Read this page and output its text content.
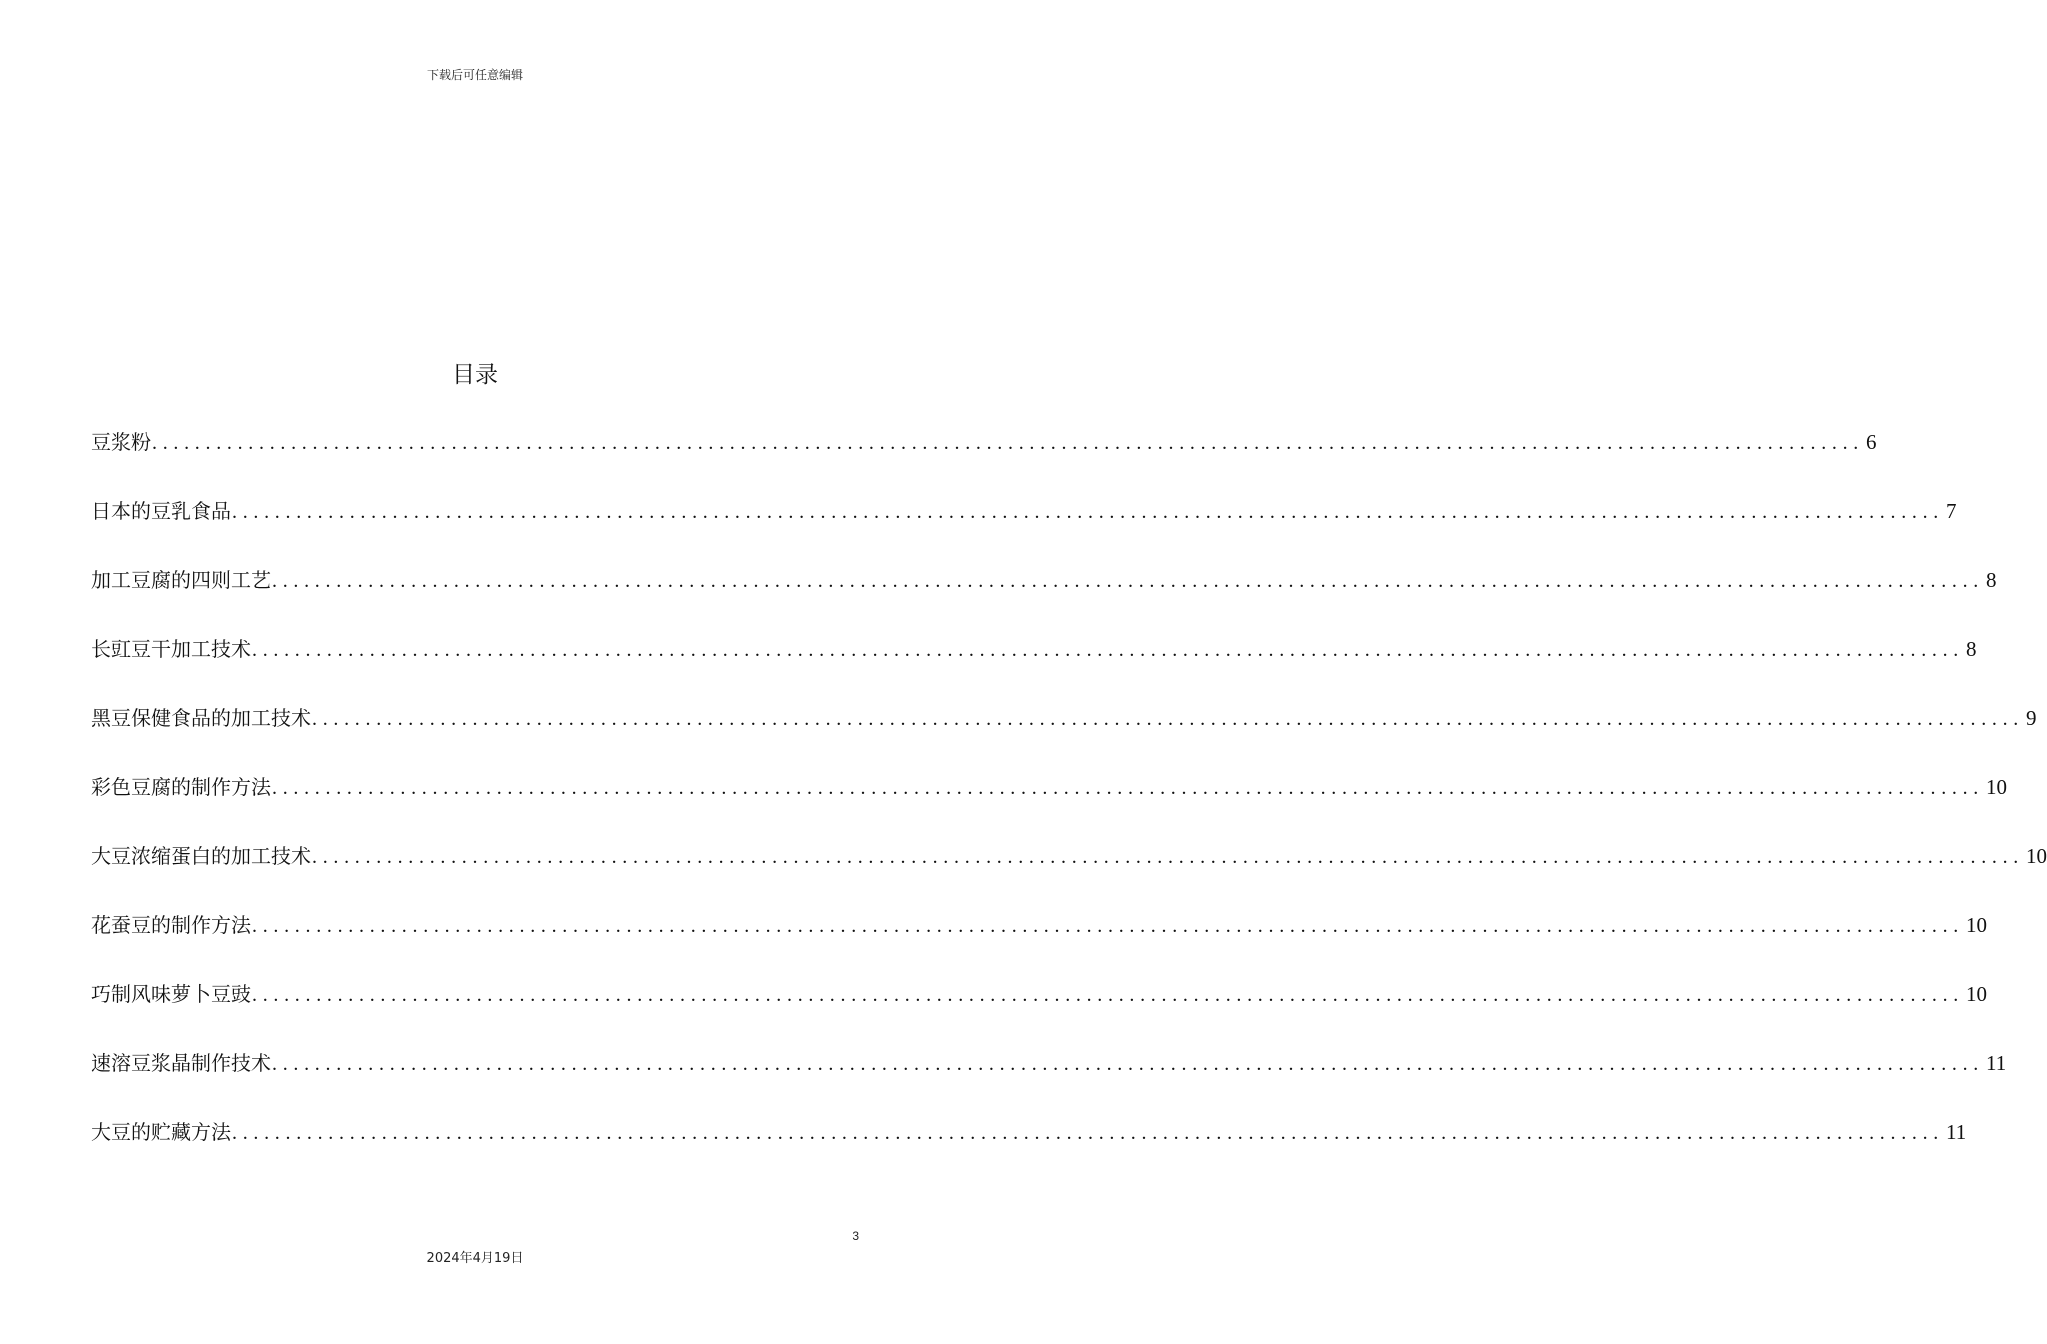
下载后可任意编辑
目录
豆浆粉 ................................................................................................................................................................ 6
日本的豆乳食品 ................................................................................................................................................................ 7
加工豆腐的四则工艺 ................................................................................................................................................................ 8
长豇豆干加工技术 ................................................................................................................................................................ 8
黑豆保健食品的加工技术 ................................................................................................................................................................ 9
彩色豆腐的制作方法 ................................................................................................................................................................ 10
大豆浓缩蛋白的加工技术 ................................................................................................................................................................ 10
花蚕豆的制作方法 ................................................................................................................................................................ 10
巧制风味萝卜豆豉 ................................................................................................................................................................ 10
速溶豆浆晶制作技术 ................................................................................................................................................................ 11
大豆的贮藏方法 ................................................................................................................................................................ 11
3
2024年4月19日
